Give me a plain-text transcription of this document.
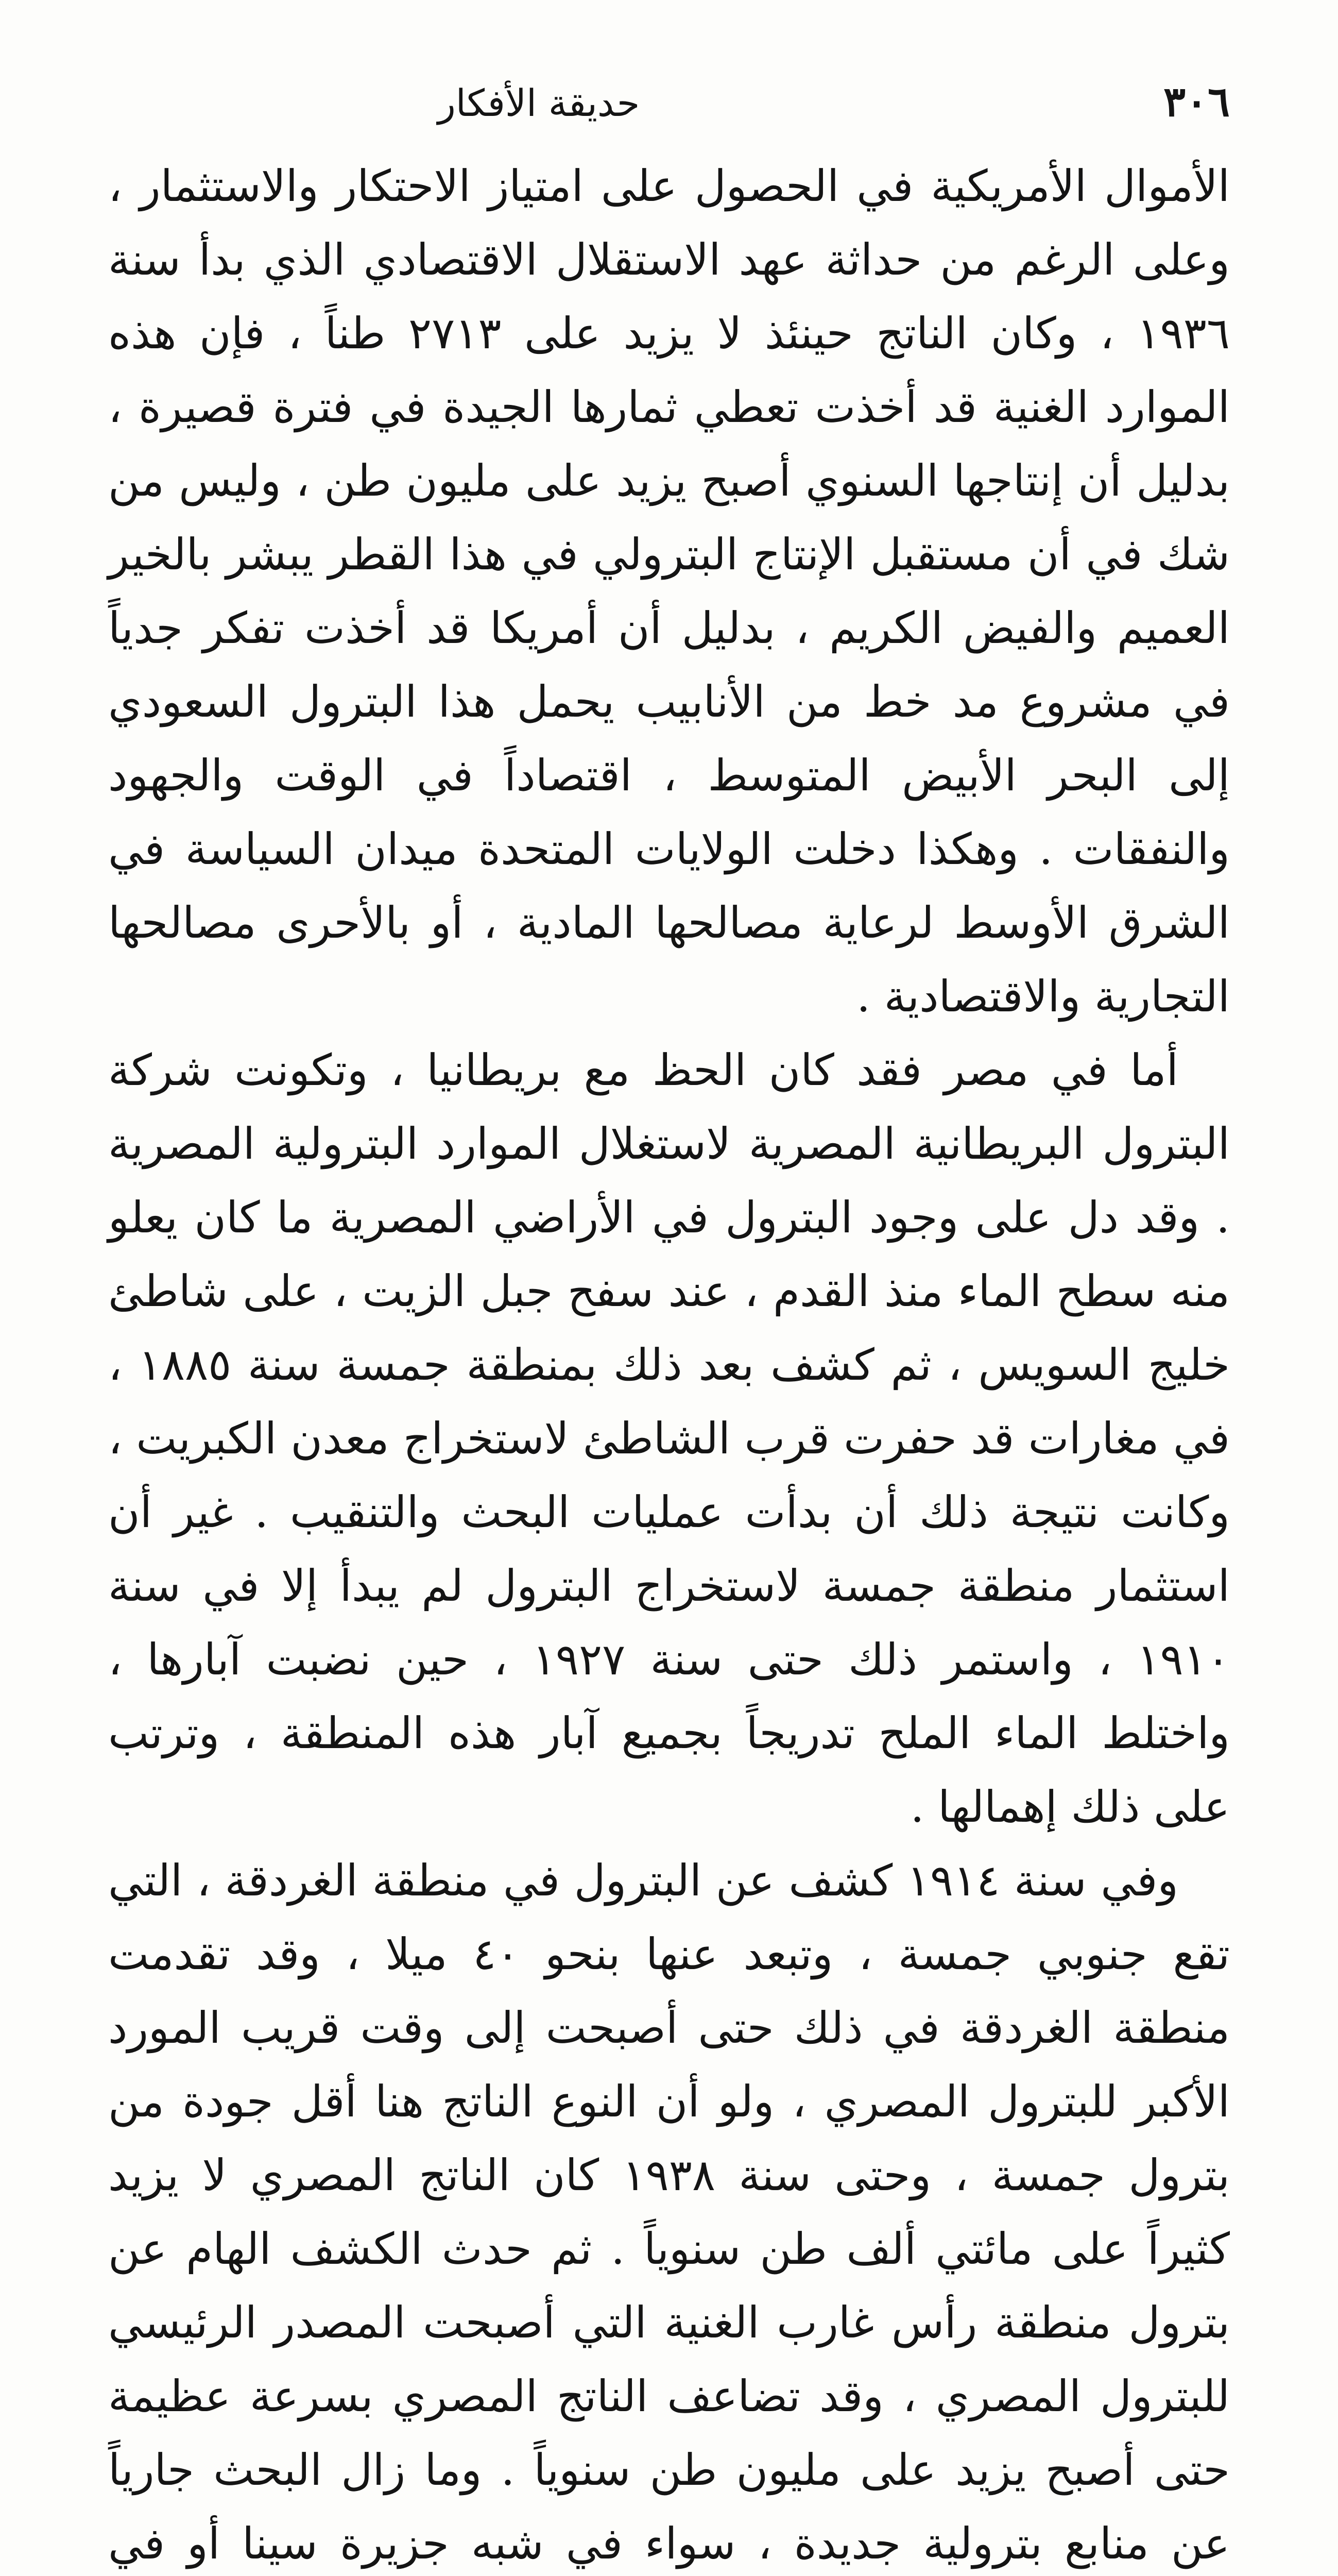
٣٠٦
حديقة الأفكار

الأموال الأمريكية في الحصول على امتياز الاحتكار والاستثمار ، وعلى الرغم من حداثة عهد الاستقلال الاقتصادي الذي بدأ سنة ١٩٣٦ ، وكان الناتج حينئذ لا يزيد على ٢٧١٣ طناً ، فإن هذه الموارد الغنية قد أخذت تعطي ثمارها الجيدة في فترة قصيرة ، بدليل أن إنتاجها السنوي أصبح يزيد على مليون طن ، وليس من شك في أن مستقبل الإنتاج البترولي في هذا القطر يبشر بالخير العميم والفيض الكريم ، بدليل أن أمريكا قد أخذت تفكر جدياً في مشروع مد خط من الأنابيب يحمل هذا البترول السعودي إلى البحر الأبيض المتوسط ، اقتصاداً في الوقت والجهود والنفقات . وهكذا دخلت الولايات المتحدة ميدان السياسة في الشرق الأوسط لرعاية مصالحها المادية ، أو بالأحرى مصالحها التجارية والاقتصادية .

أما في مصر فقد كان الحظ مع بريطانيا ، وتكونت شركة البترول البريطانية المصرية لاستغلال الموارد البترولية المصرية . وقد دل على وجود البترول في الأراضي المصرية ما كان يعلو منه سطح الماء منذ القدم ، عند سفح جبل الزيت ، على شاطئ خليج السويس ، ثم كشف بعد ذلك بمنطقة جمسة سنة ١٨٨٥ ، في مغارات قد حفرت قرب الشاطئ لاستخراج معدن الكبريت ، وكانت نتيجة ذلك أن بدأت عمليات البحث والتنقيب . غير أن استثمار منطقة جمسة لاستخراج البترول لم يبدأ إلا في سنة ١٩١٠ ، واستمر ذلك حتى سنة ١٩٢٧ ، حين نضبت آبارها ، واختلط الماء الملح تدريجاً بجميع آبار هذه المنطقة ، وترتب على ذلك إهمالها .

وفي سنة ١٩١٤ كشف عن البترول في منطقة الغردقة ، التي تقع جنوبي جمسة ، وتبعد عنها بنحو ٤٠ ميلا ، وقد تقدمت منطقة الغردقة في ذلك حتى أصبحت إلى وقت قريب المورد الأكبر للبترول المصري ، ولو أن النوع الناتج هنا أقل جودة من بترول جمسة ، وحتى سنة ١٩٣٨ كان الناتج المصري لا يزيد كثيراً على مائتي ألف طن سنوياً . ثم حدث الكشف الهام عن بترول منطقة رأس غارب الغنية التي أصبحت المصدر الرئيسي للبترول المصري ، وقد تضاعف الناتج المصري بسرعة عظيمة حتى أصبح يزيد على مليون طن سنوياً . وما زال البحث جارياً عن منابع بترولية جديدة ، سواء في شبه جزيرة سينا أو في
